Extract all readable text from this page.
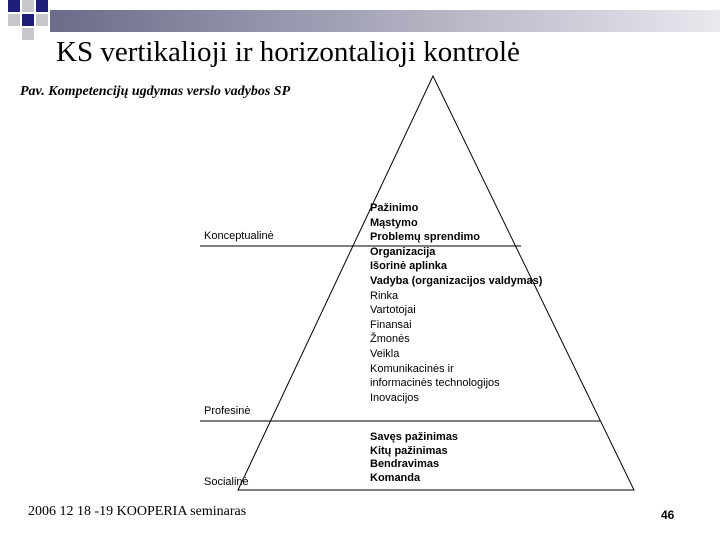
KS vertikalioji ir horizontalioji kontrolė
Pav. Kompetencijų ugdymas verslo vadybos SP
Konceptualinė
Profesinė
Socialinė
Pažinimo
Mąstymo
Problemų sprendimo
Organizacija
Išorinė aplinka
Vadyba (organizacijos valdymas)
Rinka
Vartotojai
Finansai
Žmonės
Veikla
Komunikacinės ir
informacinės technologijos
Inovacijos
Savęs pažinimas
Kitų pažinimas
Bendravimas
Komanda
2006 12 18 -19 KOOPERIA seminaras	46
